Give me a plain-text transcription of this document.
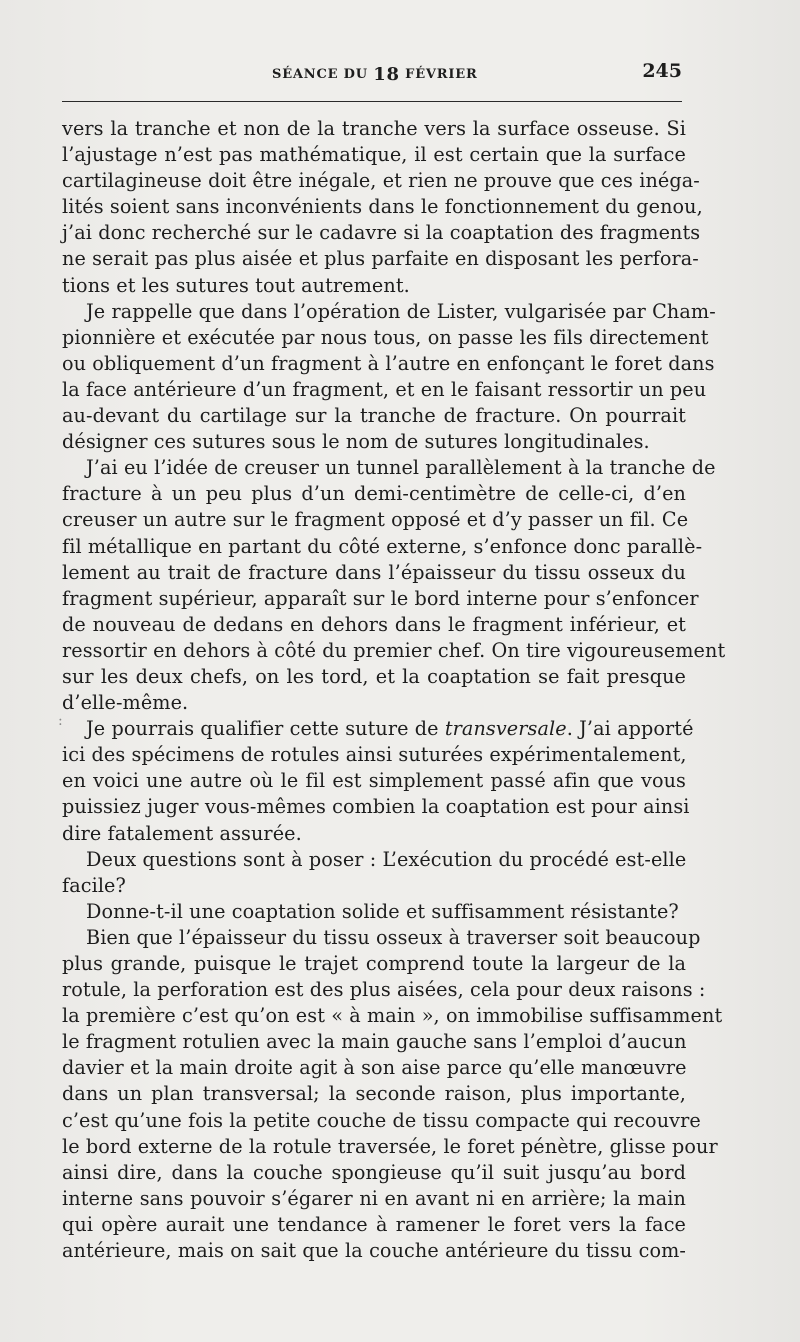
SÉANCE DU 18 FÉVRIER	245
vers la tranche et non de la tranche vers la surface osseuse. Si
l’ajustage n’est pas mathématique, il est certain que la surface
cartilagineuse doit être inégale, et rien ne prouve que ces inéga-
lités soient sans inconvénients dans le fonctionnement du genou,
j’ai donc recherché sur le cadavre si la coaptation des fragments
ne serait pas plus aisée et plus parfaite en disposant les perfora-
tions et les sutures tout autrement.
Je rappelle que dans l’opération de Lister, vulgarisée par Cham-
pionnière et exécutée par nous tous, on passe les fils directement
ou obliquement d’un fragment à l’autre en enfonçant le foret dans
la face antérieure d’un fragment, et en le faisant ressortir un peu
au-devant du cartilage sur la tranche de fracture. On pourrait
désigner ces sutures sous le nom de sutures longitudinales.
J’ai eu l’idée de creuser un tunnel parallèlement à la tranche de
fracture à un peu plus d’un demi-centimètre de celle-ci, d’en
creuser un autre sur le fragment opposé et d’y passer un fil. Ce
fil métallique en partant du côté externe, s’enfonce donc parallè-
lement au trait de fracture dans l’épaisseur du tissu osseux du
fragment supérieur, apparaît sur le bord interne pour s’enfoncer
de nouveau de dedans en dehors dans le fragment inférieur, et
ressortir en dehors à côté du premier chef. On tire vigoureusement
sur les deux chefs, on les tord, et la coaptation se fait presque
d’elle-même.
Je pourrais qualifier cette suture de transversale. J’ai apporté
ici des spécimens de rotules ainsi suturées expérimentalement,
en voici une autre où le fil est simplement passé afin que vous
puissiez juger vous-mêmes combien la coaptation est pour ainsi
dire fatalement assurée.
Deux questions sont à poser : L’exécution du procédé est-elle
facile?
Donne-t-il une coaptation solide et suffisamment résistante?
Bien que l’épaisseur du tissu osseux à traverser soit beaucoup
plus grande, puisque le trajet comprend toute la largeur de la
rotule, la perforation est des plus aisées, cela pour deux raisons :
la première c’est qu’on est « à main », on immobilise suffisamment
le fragment rotulien avec la main gauche sans l’emploi d’aucun
davier et la main droite agit à son aise parce qu’elle manœuvre
dans un plan transversal; la seconde raison, plus importante,
c’est qu’une fois la petite couche de tissu compacte qui recouvre
le bord externe de la rotule traversée, le foret pénètre, glisse pour
ainsi dire, dans la couche spongieuse qu’il suit jusqu’au bord
interne sans pouvoir s’égarer ni en avant ni en arrière; la main
qui opère aurait une tendance à ramener le foret vers la face
antérieure, mais on sait que la couche antérieure du tissu com-
:
